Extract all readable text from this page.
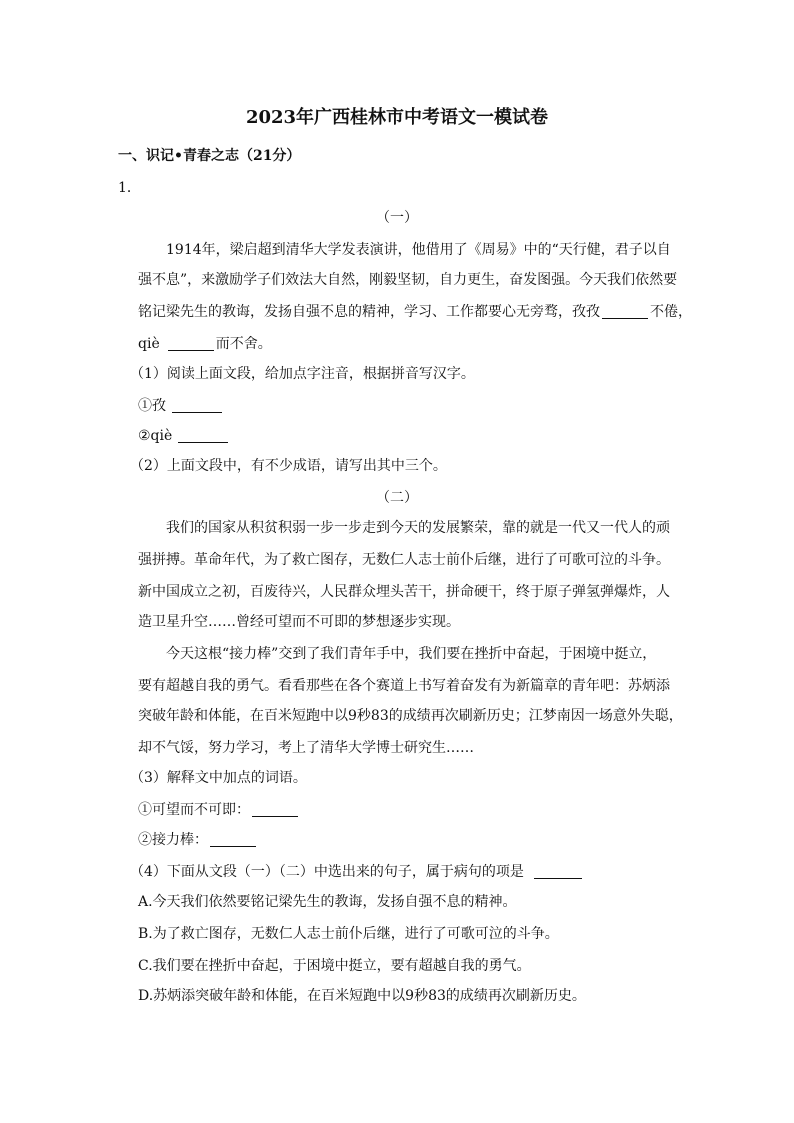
2023年广西桂林市中考语文一模试卷
一、识记•青春之志（21分）
1．
（一）
1914年，梁启超到清华大学发表演讲，他借用了《周易》中的“天行健，君子以自
强不息”，来激励学子们效法大自然，刚毅坚韧，自力更生，奋发图强。今天我们依然要
铭记梁先生的教诲，发扬自强不息的精神，学习、工作都要心无旁骛，孜孜	不倦，
qiè	而不舍。
（1）阅读上面文段，给加点字注音，根据拼音写汉字。
①孜
②qiè
（2）上面文段中，有不少成语，请写出其中三个。
（二）
我们的国家从积贫积弱一步一步走到今天的发展繁荣，靠的就是一代又一代人的顽
强拼搏。革命年代，为了救亡图存，无数仁人志士前仆后继，进行了可歌可泣的斗争。
新中国成立之初，百废待兴，人民群众埋头苦干，拼命硬干，终于原子弹氢弹爆炸，人
造卫星升空……曾经可望而不可即的梦想逐步实现。
今天这根“接力棒”交到了我们青年手中，我们要在挫折中奋起，于困境中挺立，
要有超越自我的勇气。看看那些在各个赛道上书写着奋发有为新篇章的青年吧：苏炳添
突破年龄和体能，在百米短跑中以9秒83的成绩再次刷新历史；江梦南因一场意外失聪，
却不气馁，努力学习，考上了清华大学博士研究生……
（3）解释文中加点的词语。
①可望而不可即：
②接力棒：
（4）下面从文段（一）（二）中选出来的句子，属于病句的项是
A.今天我们依然要铭记梁先生的教诲，发扬自强不息的精神。
B.为了救亡图存，无数仁人志士前仆后继，进行了可歌可泣的斗争。
C.我们要在挫折中奋起，于困境中挺立，要有超越自我的勇气。
D.苏炳添突破年龄和体能，在百米短跑中以9秒83的成绩再次刷新历史。
